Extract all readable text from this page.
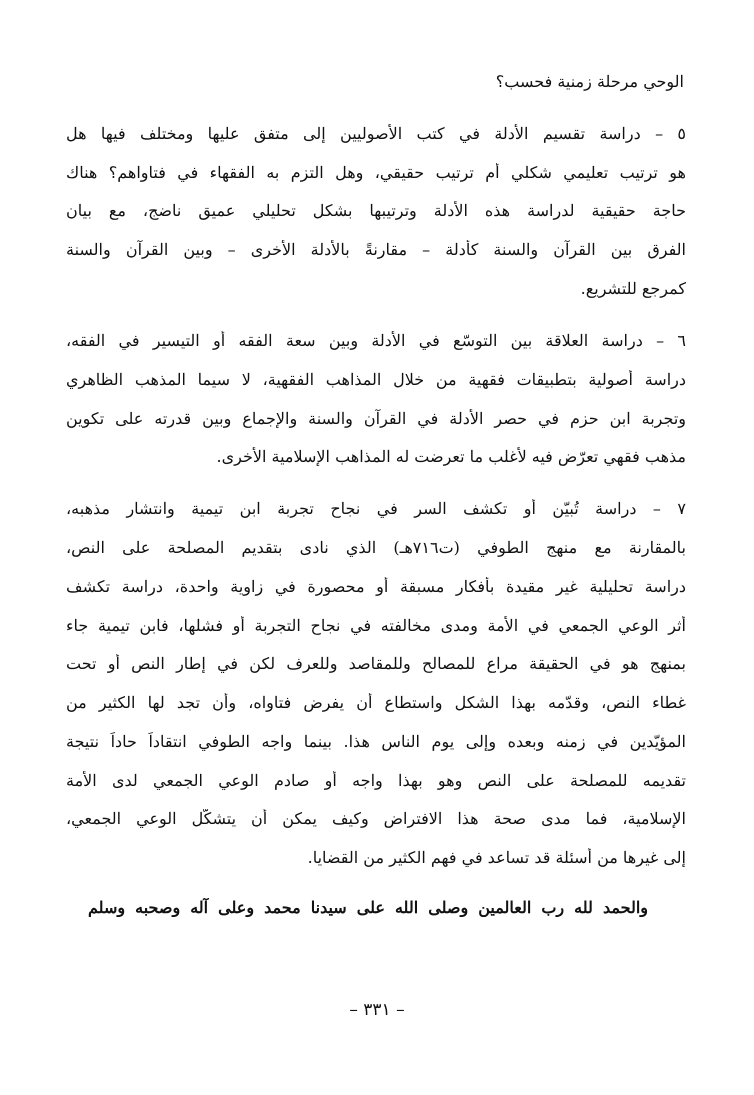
الوحي مرحلة زمنية فحسب؟
٥ – دراسة تقسيم الأدلة في كتب الأصوليين إلى متفق عليها ومختلف فيها هل
هو ترتيب تعليمي شكلي أم ترتيب حقيقي، وهل التزم به الفقهاء في فتاواهم؟ هناك
حاجة حقيقية لدراسة هذه الأدلة وترتيبها بشكل تحليلي عميق ناضج، مع بيان
الفرق بين القرآن والسنة كأدلة – مقارنةً بالأدلة الأخرى – وبين القرآن والسنة
كمرجع للتشريع.
٦ – دراسة العلاقة بين التوسّع في الأدلة وبين سعة الفقه أو التيسير في الفقه،
دراسة أصولية بتطبيقات فقهية من خلال المذاهب الفقهية، لا سيما المذهب الظاهري
وتجربة ابن حزم في حصر الأدلة في القرآن والسنة والإجماع وبين قدرته على تكوين
مذهب فقهي تعرّض فيه لأغلب ما تعرضت له المذاهب الإسلامية الأخرى.
٧ – دراسة تُبيّن أو تكشف السر في نجاح تجربة ابن تيمية وانتشار مذهبه،
بالمقارنة مع منهج الطوفي (ت٧١٦هـ) الذي نادى بتقديم المصلحة على النص،
دراسة تحليلية غير مقيدة بأفكار مسبقة أو محصورة في زاوية واحدة، دراسة تكشف
أثر الوعي الجمعي في الأمة ومدى مخالفته في نجاح التجربة أو فشلها، فابن تيمية جاء
بمنهج هو في الحقيقة مراعٍ للمصالح وللمقاصد وللعرف لكن في إطار النص أو تحت
غطاء النص، وقدّمه بهذا الشكل واستطاع أن يفرض فتاواه، وأن تجد لها الكثير من
المؤيّدين في زمنه وبعده وإلى يوم الناس هذا. بينما واجه الطوفي انتقاداً حاداً نتيجة
تقديمه للمصلحة على النص وهو بهذا واجه أو صادم الوعي الجمعي لدى الأمة
الإسلامية، فما مدى صحة هذا الافتراض وكيف يمكن أن يتشكّل الوعي الجمعي،
إلى غيرها من أسئلة قد تساعد في فهم الكثير من القضايا.
والحمد لله رب العالمين وصلى الله على سيدنا محمد وعلى آله وصحبه وسلم
– ٣٣١ –
